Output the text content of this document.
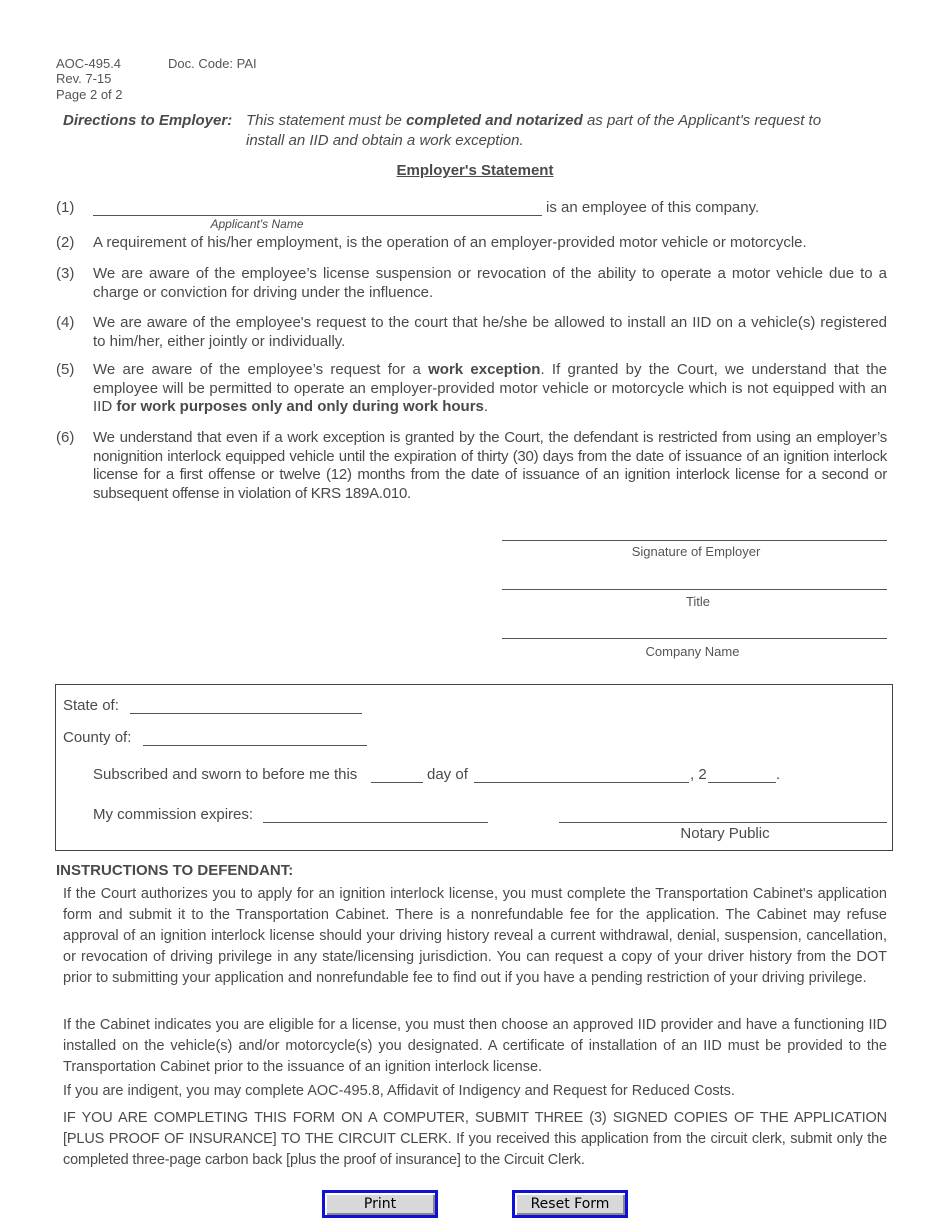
AOC-495.4	Doc. Code: PAI
Rev. 7-15
Page 2 of 2
Directions to Employer: This statement must be completed and notarized as part of the Applicant's request to install an IID and obtain a work exception.
Employer's Statement
(1)	is an employee of this company.
Applicant's Name
(2) A requirement of his/her employment, is the operation of an employer-provided motor vehicle or motorcycle.
(3) We are aware of the employee’s license suspension or revocation of the ability to operate a motor vehicle due to a charge or conviction for driving under the influence.
(4) We are aware of the employee's request to the court that he/she be allowed to install an IID on a vehicle(s) registered to him/her, either jointly or individually.
(5) We are aware of the employee’s request for a work exception. If granted by the Court, we understand that the employee will be permitted to operate an employer-provided motor vehicle or motorcycle which is not equipped with an IID for work purposes only and only during work hours.
(6) We understand that even if a work exception is granted by the Court, the defendant is restricted from using an employer’s nonignition interlock equipped vehicle until the expiration of thirty (30) days from the date of issuance of an ignition interlock license for a first offense or twelve (12) months from the date of issuance of an ignition interlock license for a second or subsequent offense in violation of KRS 189A.010.
Signature of Employer
Title
Company Name
State of:
County of:
Subscribed and sworn to before me this	day of	, 2	.
My commission expires:
Notary Public
INSTRUCTIONS TO DEFENDANT:
If the Court authorizes you to apply for an ignition interlock license, you must complete the Transportation Cabinet's application form and submit it to the Transportation Cabinet. There is a nonrefundable fee for the application. The Cabinet may refuse approval of an ignition interlock license should your driving history reveal a current withdrawal, denial, suspension, cancellation, or revocation of driving privilege in any state/licensing jurisdiction. You can request a copy of your driver history from the DOT prior to submitting your application and nonrefundable fee to find out if you have a pending restriction of your driving privilege.
If the Cabinet indicates you are eligible for a license, you must then choose an approved IID provider and have a functioning IID installed on the vehicle(s) and/or motorcycle(s) you designated. A certificate of installation of an IID must be provided to the Transportation Cabinet prior to the issuance of an ignition interlock license.
If you are indigent, you may complete AOC-495.8, Affidavit of Indigency and Request for Reduced Costs.
IF YOU ARE COMPLETING THIS FORM ON A COMPUTER, SUBMIT THREE (3) SIGNED COPIES OF THE APPLICATION [PLUS PROOF OF INSURANCE] TO THE CIRCUIT CLERK. If you received this application from the circuit clerk, submit only the completed three-page carbon back [plus the proof of insurance] to the Circuit Clerk.
Print	Reset Form
